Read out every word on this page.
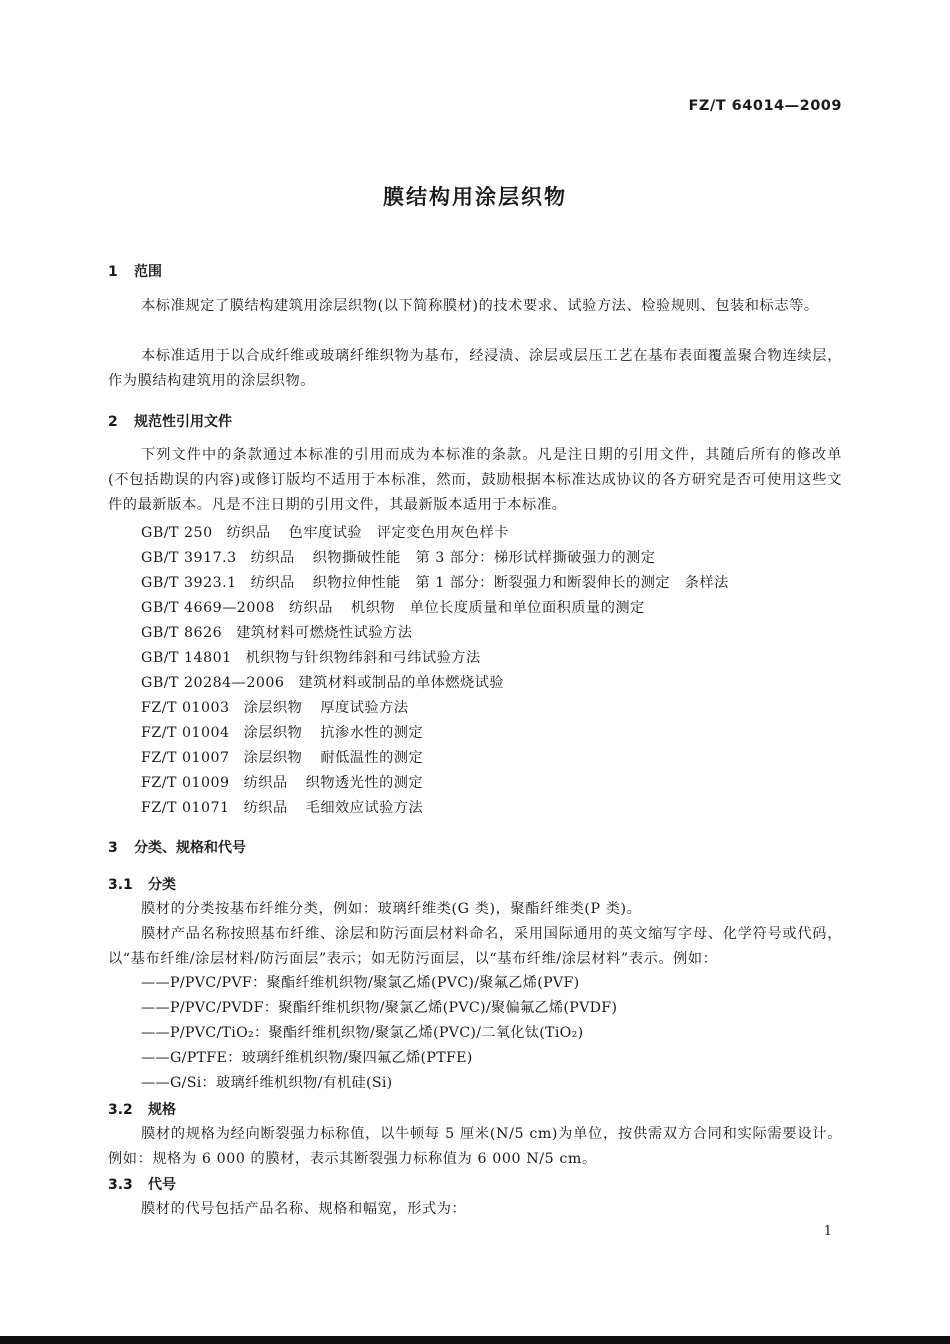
FZ/T 64014—2009
膜结构用涂层织物
1 范围
本标准规定了膜结构建筑用涂层织物(以下简称膜材)的技术要求、试验方法、检验规则、包装和标志等。
本标准适用于以合成纤维或玻璃纤维织物为基布，经浸渍、涂层或层压工艺在基布表面覆盖聚合物连续层，作为膜结构建筑用的涂层织物。
2 规范性引用文件
下列文件中的条款通过本标准的引用而成为本标准的条款。凡是注日期的引用文件，其随后所有的修改单(不包括勘误的内容)或修订版均不适用于本标准，然而，鼓励根据本标准达成协议的各方研究是否可使用这些文件的最新版本。凡是不注日期的引用文件，其最新版本适用于本标准。
GB/T 250 纺织品 色牢度试验　评定变色用灰色样卡
GB/T 3917.3 纺织品 织物撕破性能　第 3 部分：梯形试样撕破强力的测定
GB/T 3923.1 纺织品 织物拉伸性能　第 1 部分：断裂强力和断裂伸长的测定　条样法
GB/T 4669—2008 纺织品 机织物　单位长度质量和单位面积质量的测定
GB/T 8626 建筑材料可燃烧性试验方法
GB/T 14801 机织物与针织物纬斜和弓纬试验方法
GB/T 20284—2006 建筑材料或制品的单体燃烧试验
FZ/T 01003 涂层织物 厚度试验方法
FZ/T 01004 涂层织物 抗渗水性的测定
FZ/T 01007 涂层织物 耐低温性的测定
FZ/T 01009 纺织品 织物透光性的测定
FZ/T 01071 纺织品 毛细效应试验方法
3 分类、规格和代号
3.1 分类
膜材的分类按基布纤维分类，例如：玻璃纤维类(G 类)，聚酯纤维类(P 类)。
膜材产品名称按照基布纤维、涂层和防污面层材料命名，采用国际通用的英文缩写字母、化学符号或代码，以“基布纤维/涂层材料/防污面层”表示；如无防污面层，以“基布纤维/涂层材料”表示。例如：
——P/PVC/PVF：聚酯纤维机织物/聚氯乙烯(PVC)/聚氟乙烯(PVF)
——P/PVC/PVDF：聚酯纤维机织物/聚氯乙烯(PVC)/聚偏氟乙烯(PVDF)
——P/PVC/TiO₂：聚酯纤维机织物/聚氯乙烯(PVC)/二氧化钛(TiO₂)
——G/PTFE：玻璃纤维机织物/聚四氟乙烯(PTFE)
——G/Si：玻璃纤维机织物/有机硅(Si)
3.2 规格
膜材的规格为经向断裂强力标称值，以牛顿每 5 厘米(N/5 cm)为单位，按供需双方合同和实际需要设计。例如：规格为 6 000 的膜材，表示其断裂强力标称值为 6 000 N/5 cm。
3.3 代号
膜材的代号包括产品名称、规格和幅宽，形式为：
1
